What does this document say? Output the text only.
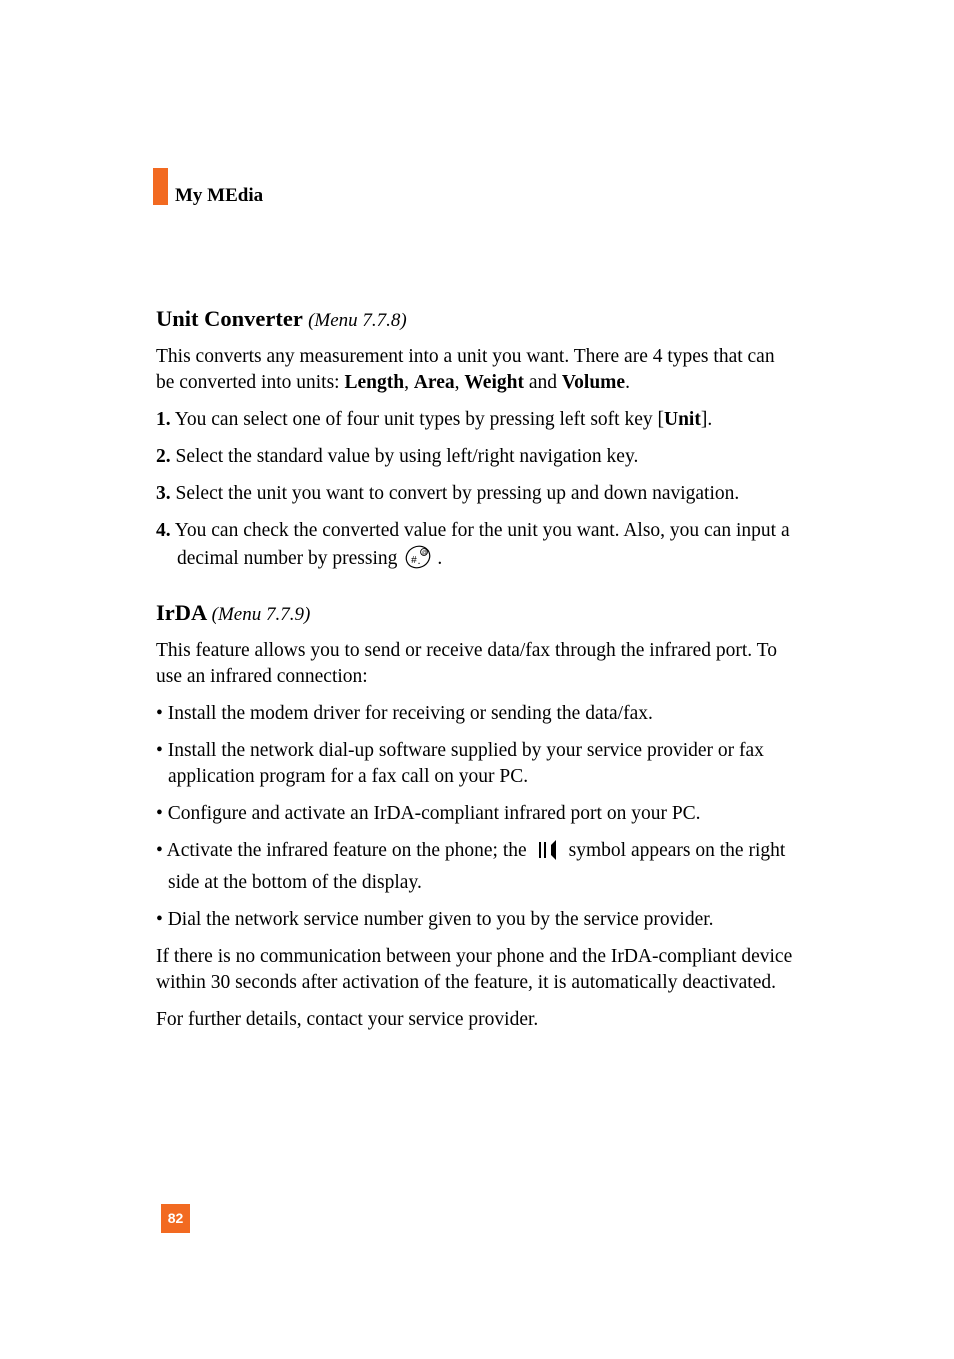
My MEdia
Unit Converter (Menu 7.7.8)

This converts any measurement into a unit you want. There are 4 types that can be converted into units: Length, Area, Weight and Volume.

1. You can select one of four unit types by pressing left soft key [Unit].

2. Select the standard value by using left/right navigation key.

3. Select the unit you want to convert by pressing up and down navigation.

4. You can check the converted value for the unit you want. Also, you can input a decimal number by pressing # .
@ .

IrDA (Menu 7.7.9)

This feature allows you to send or receive data/fax through the infrared port. To use an infrared connection:

• Install the modem driver for receiving or sending the data/fax.

• Install the network dial-up software supplied by your service provider or fax application program for a fax call on your PC.

• Configure and activate an IrDA-compliant infrared port on your PC.

• Activate the infrared feature on the phone; the symbol appears on the right side at the bottom of the display.

• Dial the network service number given to you by the service provider.

If there is no communication between your phone and the IrDA-compliant device within 30 seconds after activation of the feature, it is automatically deactivated.

For further details, contact your service provider.

82
